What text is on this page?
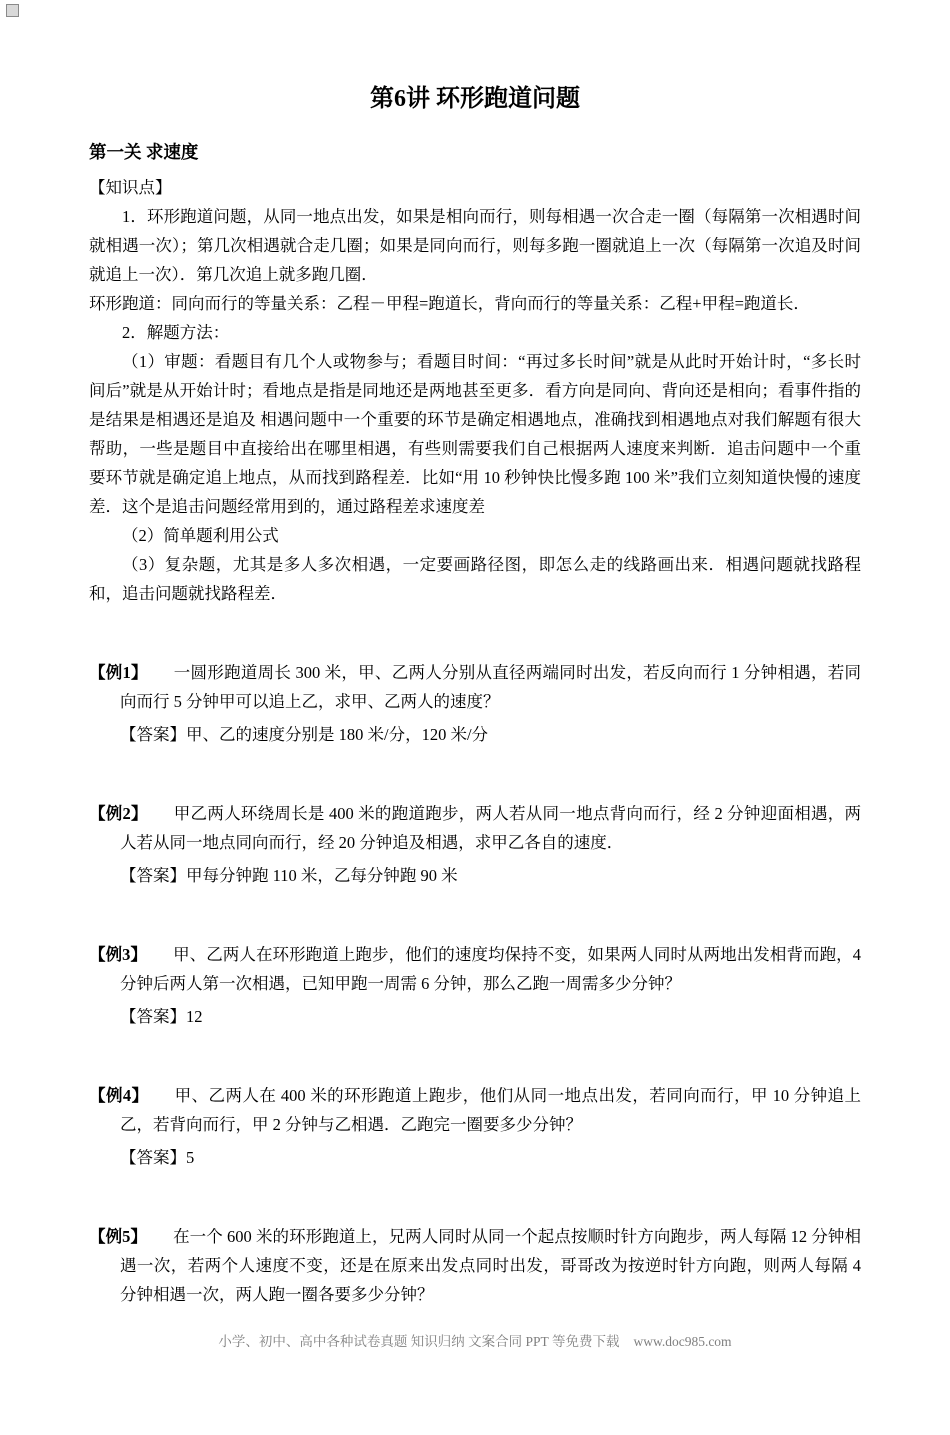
第6讲 环形跑道问题
第一关 求速度
【知识点】

1．环形跑道问题，从同一地点出发，如果是相向而行，则每相遇一次合走一圈（每隔第一次相遇时间就相遇一次）；第几次相遇就合走几圈；如果是同向而行，则每多跑一圈就追上一次（每隔第一次追及时间就追上一次）．第几次追上就多跑几圈．

环形跑道：同向而行的等量关系：乙程－甲程=跑道长，背向而行的等量关系：乙程+甲程=跑道长．

2．解题方法：

（1）审题：看题目有几个人或物参与；看题目时间：“再过多长时间”就是从此时开始计时，“多长时间后”就是从开始计时；看地点是指是同地还是两地甚至更多．看方向是同向、背向还是相向；看事件指的是结果是相遇还是追及 相遇问题中一个重要的环节是确定相遇地点，准确找到相遇地点对我们解题有很大帮助，一些是题目中直接给出在哪里相遇，有些则需要我们自己根据两人速度来判断．追击问题中一个重要环节就是确定追上地点，从而找到路程差．比如“用 10 秒钟快比慢多跑 100 米”我们立刻知道快慢的速度差．这个是追击问题经常用到的，通过路程差求速度差

（2）简单题利用公式

（3）复杂题，尤其是多人多次相遇，一定要画路径图，即怎么走的线路画出来．相遇问题就找路程和，追击问题就找路程差．

【例1】 一圆形跑道周长 300 米，甲、乙两人分别从直径两端同时出发，若反向而行 1 分钟相遇，若同向而行 5 分钟甲可以追上乙，求甲、乙两人的速度？

【答案】甲、乙的速度分别是 180 米/分，120 米/分

【例2】 甲乙两人环绕周长是 400 米的跑道跑步，两人若从同一地点背向而行，经 2 分钟迎面相遇，两人若从同一地点同向而行，经 20 分钟追及相遇，求甲乙各自的速度．

【答案】甲每分钟跑 110 米，乙每分钟跑 90 米

【例3】 甲、乙两人在环形跑道上跑步，他们的速度均保持不变，如果两人同时从两地出发相背而跑，4 分钟后两人第一次相遇，已知甲跑一周需 6 分钟，那么乙跑一周需多少分钟？

【答案】12

【例4】 甲、乙两人在 400 米的环形跑道上跑步，他们从同一地点出发，若同向而行，甲 10 分钟追上乙，若背向而行，甲 2 分钟与乙相遇．乙跑完一圈要多少分钟？

【答案】5

【例5】 在一个 600 米的环形跑道上，兄两人同时从同一个起点按顺时针方向跑步，两人每隔 12 分钟相遇一次，若两个人速度不变，还是在原来出发点同时出发，哥哥改为按逆时针方向跑，则两人每隔 4 分钟相遇一次，两人跑一圈各要多少分钟？

小学、初中、高中各种试卷真题 知识归纳 文案合同 PPT 等免费下载 www.doc985.com
